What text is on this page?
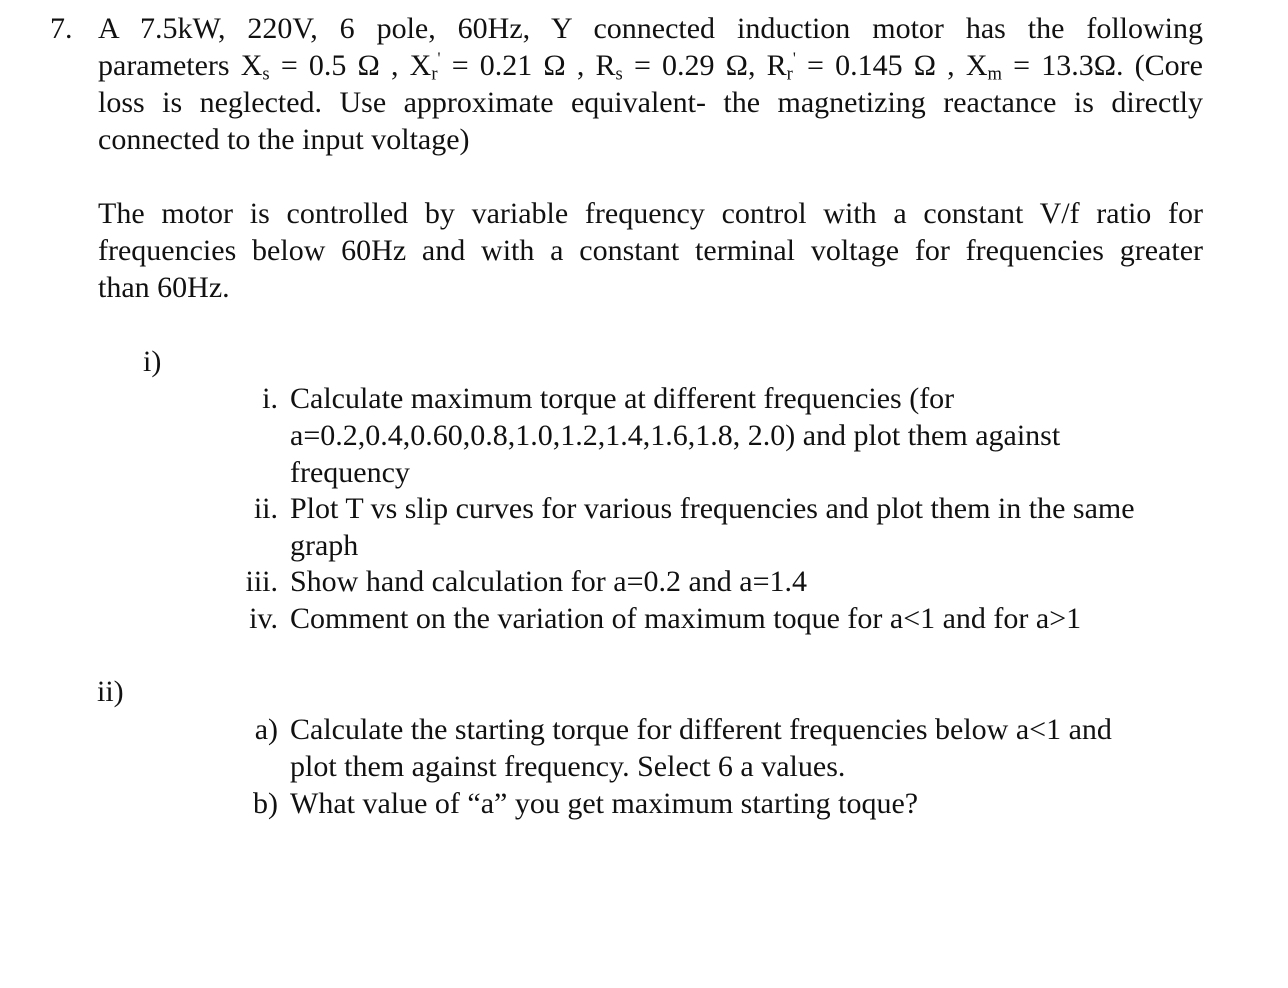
7. A 7.5kW, 220V, 6 pole, 60Hz, Y connected induction motor has the following
parameters $X_s = 0.5$ Ω , $X_r' = 0.21$ Ω , $R_s = 0.29$ Ω, $R_r' = 0.145$ Ω , $X_m = 13.3\Omega$. (Core
loss is neglected. Use approximate equivalent- the magnetizing reactance is directly
connected to the input voltage)
The motor is controlled by variable frequency control with a constant V/f ratio for
frequencies below 60Hz and with a constant terminal voltage for frequencies greater
than 60Hz.

i)

i. Calculate maximum torque at different frequencies (for
a=0.2,0.4,0.60,0.8,1.0,1.2,1.4,1.6,1.8, 2.0) and plot them against
frequency
ii. Plot T vs slip curves for various frequencies and plot them in the same
graph
iii. Show hand calculation for a=0.2 and a=1.4
iv. Comment on the variation of maximum toque for a<1 and for a>1

ii)

a) Calculate the starting torque for different frequencies below a<1 and
plot them against frequency. Select 6 a values.
b) What value of “a” you get maximum starting toque?
